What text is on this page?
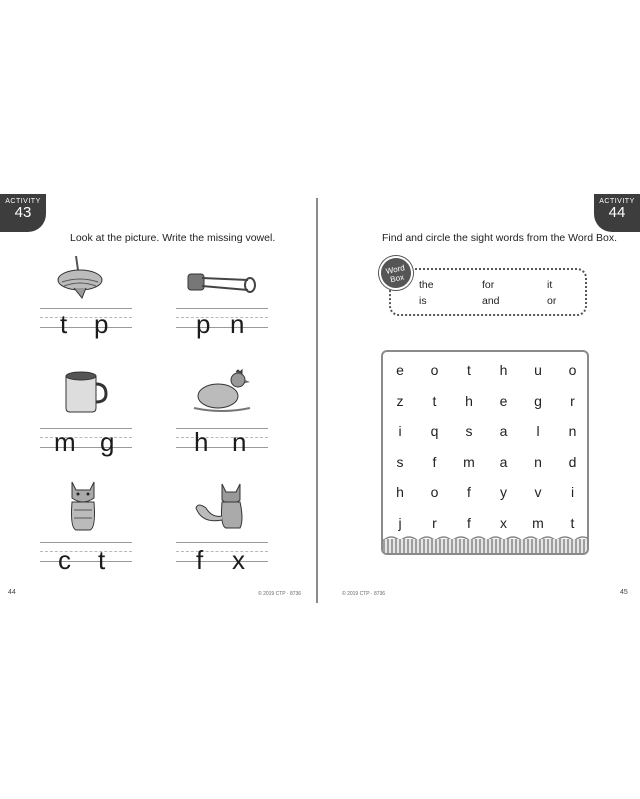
ACTIVITY
43
ACTIVITY
44
Look at the picture. Write the missing vowel.	Find and circle the sight words from the Word Box.
t p	p n
m g	h n
c t	f x
44	© 2019 CTP · 8736
Word
Box
the	for	it
is	and	or
e	o	t	h	u	o
z	t	h	e	g	r
i	q	s	a	l	n
s	f	m	a	n	d
h	o	f	y	v	i
j	r	f	x	m	t
© 2019 CTP · 8736	45
